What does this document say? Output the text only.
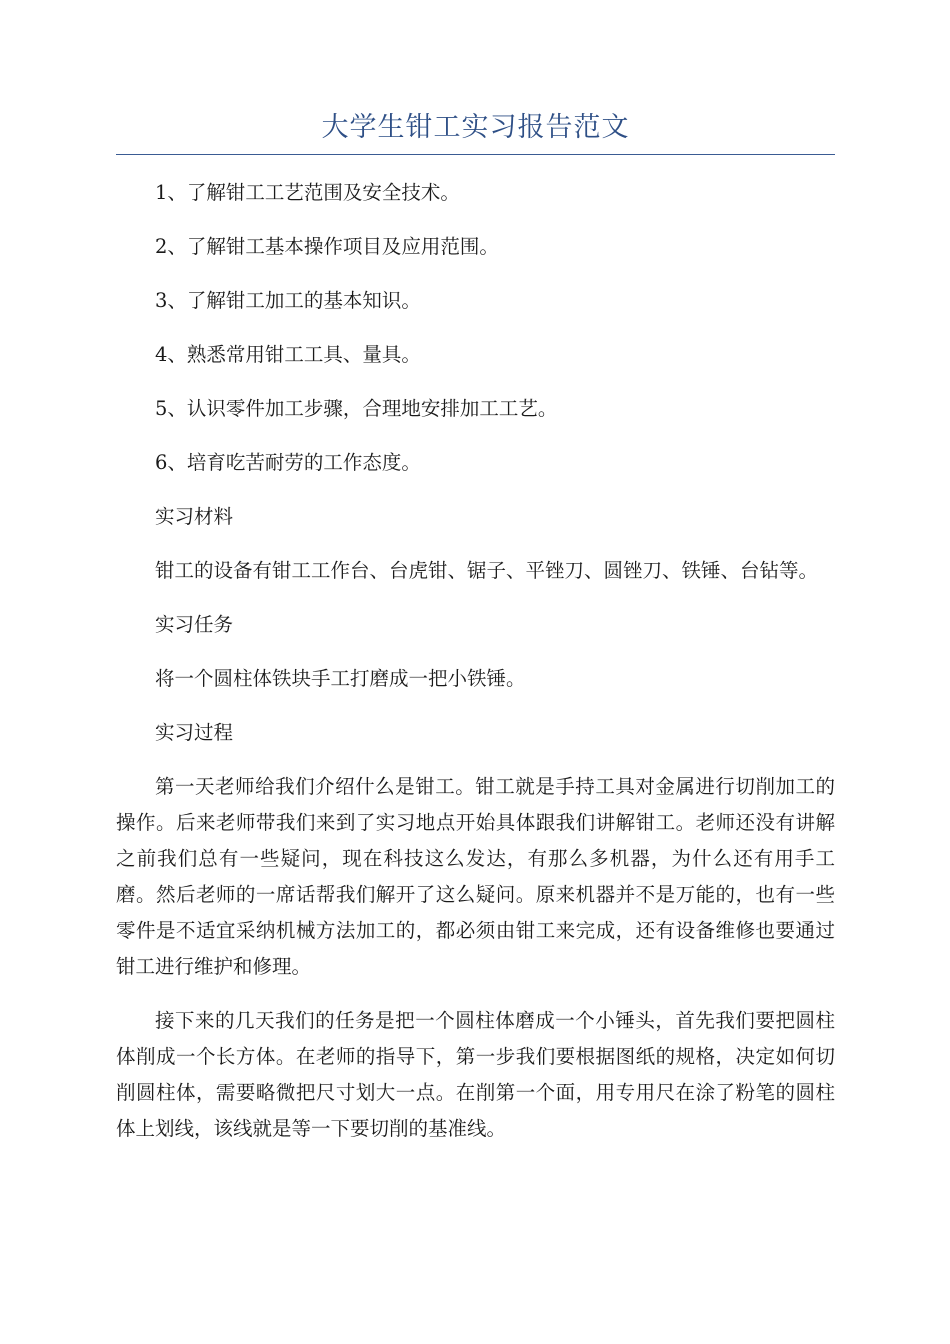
大学生钳工实习报告范文

1、了解钳工工艺范围及安全技术。

2、了解钳工基本操作项目及应用范围。

3、了解钳工加工的基本知识。

4、熟悉常用钳工工具、量具。

5、认识零件加工步骤，合理地安排加工工艺。

6、培育吃苦耐劳的工作态度。

实习材料

钳工的设备有钳工工作台、台虎钳、锯子、平锉刀、圆锉刀、铁锤、台钻等。

实习任务

将一个圆柱体铁块手工打磨成一把小铁锤。

实习过程

第一天老师给我们介绍什么是钳工。钳工就是手持工具对金属进行切削加工的操作。后来老师带我们来到了实习地点开始具体跟我们讲解钳工。老师还没有讲解之前我们总有一些疑问，现在科技这么发达，有那么多机器，为什么还有用手工磨。然后老师的一席话帮我们解开了这么疑问。原来机器并不是万能的，也有一些零件是不适宜采纳机械方法加工的，都必须由钳工来完成，还有设备维修也要通过钳工进行维护和修理。

接下来的几天我们的任务是把一个圆柱体磨成一个小锤头，首先我们要把圆柱体削成一个长方体。在老师的指导下，第一步我们要根据图纸的规格，决定如何切削圆柱体，需要略微把尺寸划大一点。在削第一个面，用专用尺在涂了粉笔的圆柱体上划线，该线就是等一下要切削的基准线。
